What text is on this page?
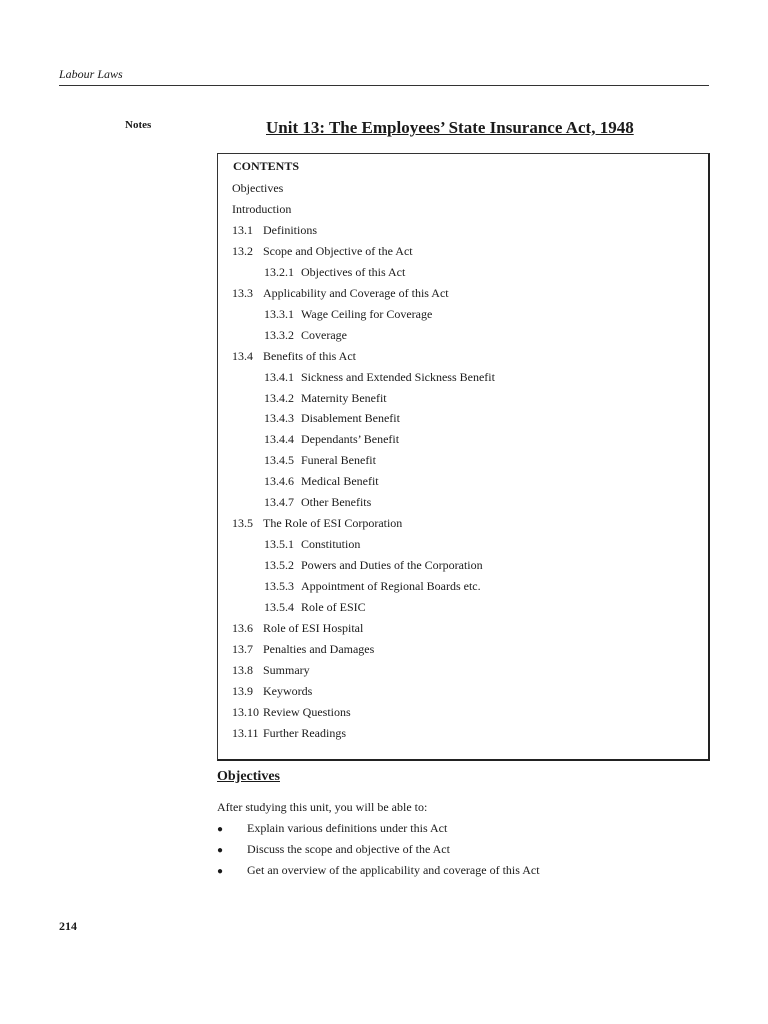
Labour Laws
Notes	Unit 13: The Employees’ State Insurance Act, 1948
CONTENTS
Objectives
Introduction
13.1 Definitions
13.2 Scope and Objective of the Act
13.2.1 Objectives of this Act
13.3 Applicability and Coverage of this Act
13.3.1 Wage Ceiling for Coverage
13.3.2 Coverage
13.4 Benefits of this Act
13.4.1 Sickness and Extended Sickness Benefit
13.4.2 Maternity Benefit
13.4.3 Disablement Benefit
13.4.4 Dependants’ Benefit
13.4.5 Funeral Benefit
13.4.6 Medical Benefit
13.4.7 Other Benefits
13.5 The Role of ESI Corporation
13.5.1 Constitution
13.5.2 Powers and Duties of the Corporation
13.5.3 Appointment of Regional Boards etc.
13.5.4 Role of ESIC
13.6 Role of ESI Hospital
13.7 Penalties and Damages
13.8 Summary
13.9 Keywords
13.10 Review Questions
13.11 Further Readings
Objectives
After studying this unit, you will be able to:
● Explain various definitions under this Act
● Discuss the scope and objective of the Act
● Get an overview of the applicability and coverage of this Act
214
